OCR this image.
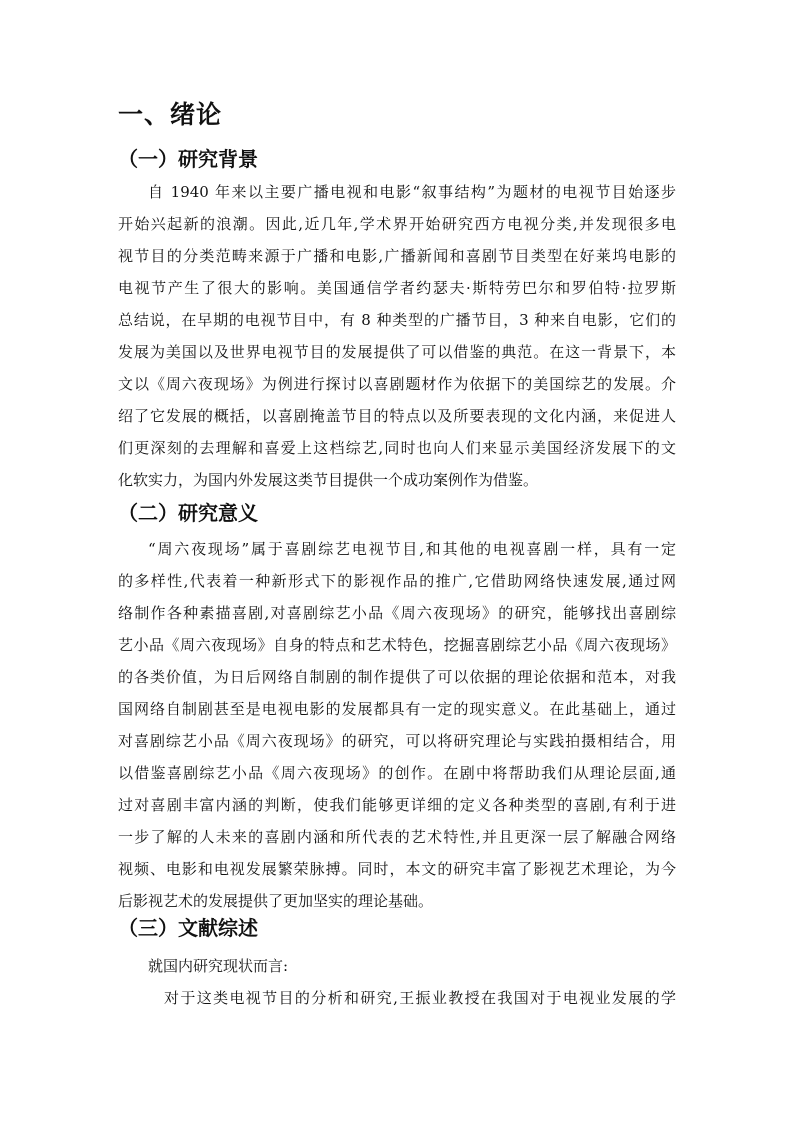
一、绪论
（一）研究背景
自 1940 年来以主要广播电视和电影“叙事结构”为题材的电视节目始逐步
开始兴起新的浪潮。因此,近几年,学术界开始研究西方电视分类,并发现很多电
视节目的分类范畴来源于广播和电影,广播新闻和喜剧节目类型在好莱坞电影的
电视节产生了很大的影响。美国通信学者约瑟夫·斯特劳巴尔和罗伯特·拉罗斯
总结说，在早期的电视节目中，有 8 种类型的广播节目，3 种来自电影，它们的
发展为美国以及世界电视节目的发展提供了可以借鉴的典范。在这一背景下，本
文以《周六夜现场》为例进行探讨以喜剧题材作为依据下的美国综艺的发展。介
绍了它发展的概括，以喜剧掩盖节目的特点以及所要表现的文化内涵，来促进人
们更深刻的去理解和喜爱上这档综艺,同时也向人们来显示美国经济发展下的文
化软实力，为国内外发展这类节目提供一个成功案例作为借鉴。
（二）研究意义
“周六夜现场”属于喜剧综艺电视节目,和其他的电视喜剧一样，具有一定
的多样性,代表着一种新形式下的影视作品的推广,它借助网络快速发展,通过网
络制作各种素描喜剧,对喜剧综艺小品《周六夜现场》的研究，能够找出喜剧综
艺小品《周六夜现场》自身的特点和艺术特色，挖掘喜剧综艺小品《周六夜现场》
的各类价值，为日后网络自制剧的制作提供了可以依据的理论依据和范本，对我
国网络自制剧甚至是电视电影的发展都具有一定的现实意义。在此基础上，通过
对喜剧综艺小品《周六夜现场》的研究，可以将研究理论与实践拍摄相结合，用
以借鉴喜剧综艺小品《周六夜现场》的创作。在剧中将帮助我们从理论层面,通
过对喜剧丰富内涵的判断，使我们能够更详细的定义各种类型的喜剧,有利于进
一步了解的人未来的喜剧内涵和所代表的艺术特性,并且更深一层了解融合网络
视频、电影和电视发展繁荣脉搏。同时，本文的研究丰富了影视艺术理论，为今
后影视艺术的发展提供了更加坚实的理论基础。
（三）文献综述
就国内研究现状而言:
对于这类电视节目的分析和研究,王振业教授在我国对于电视业发展的学
